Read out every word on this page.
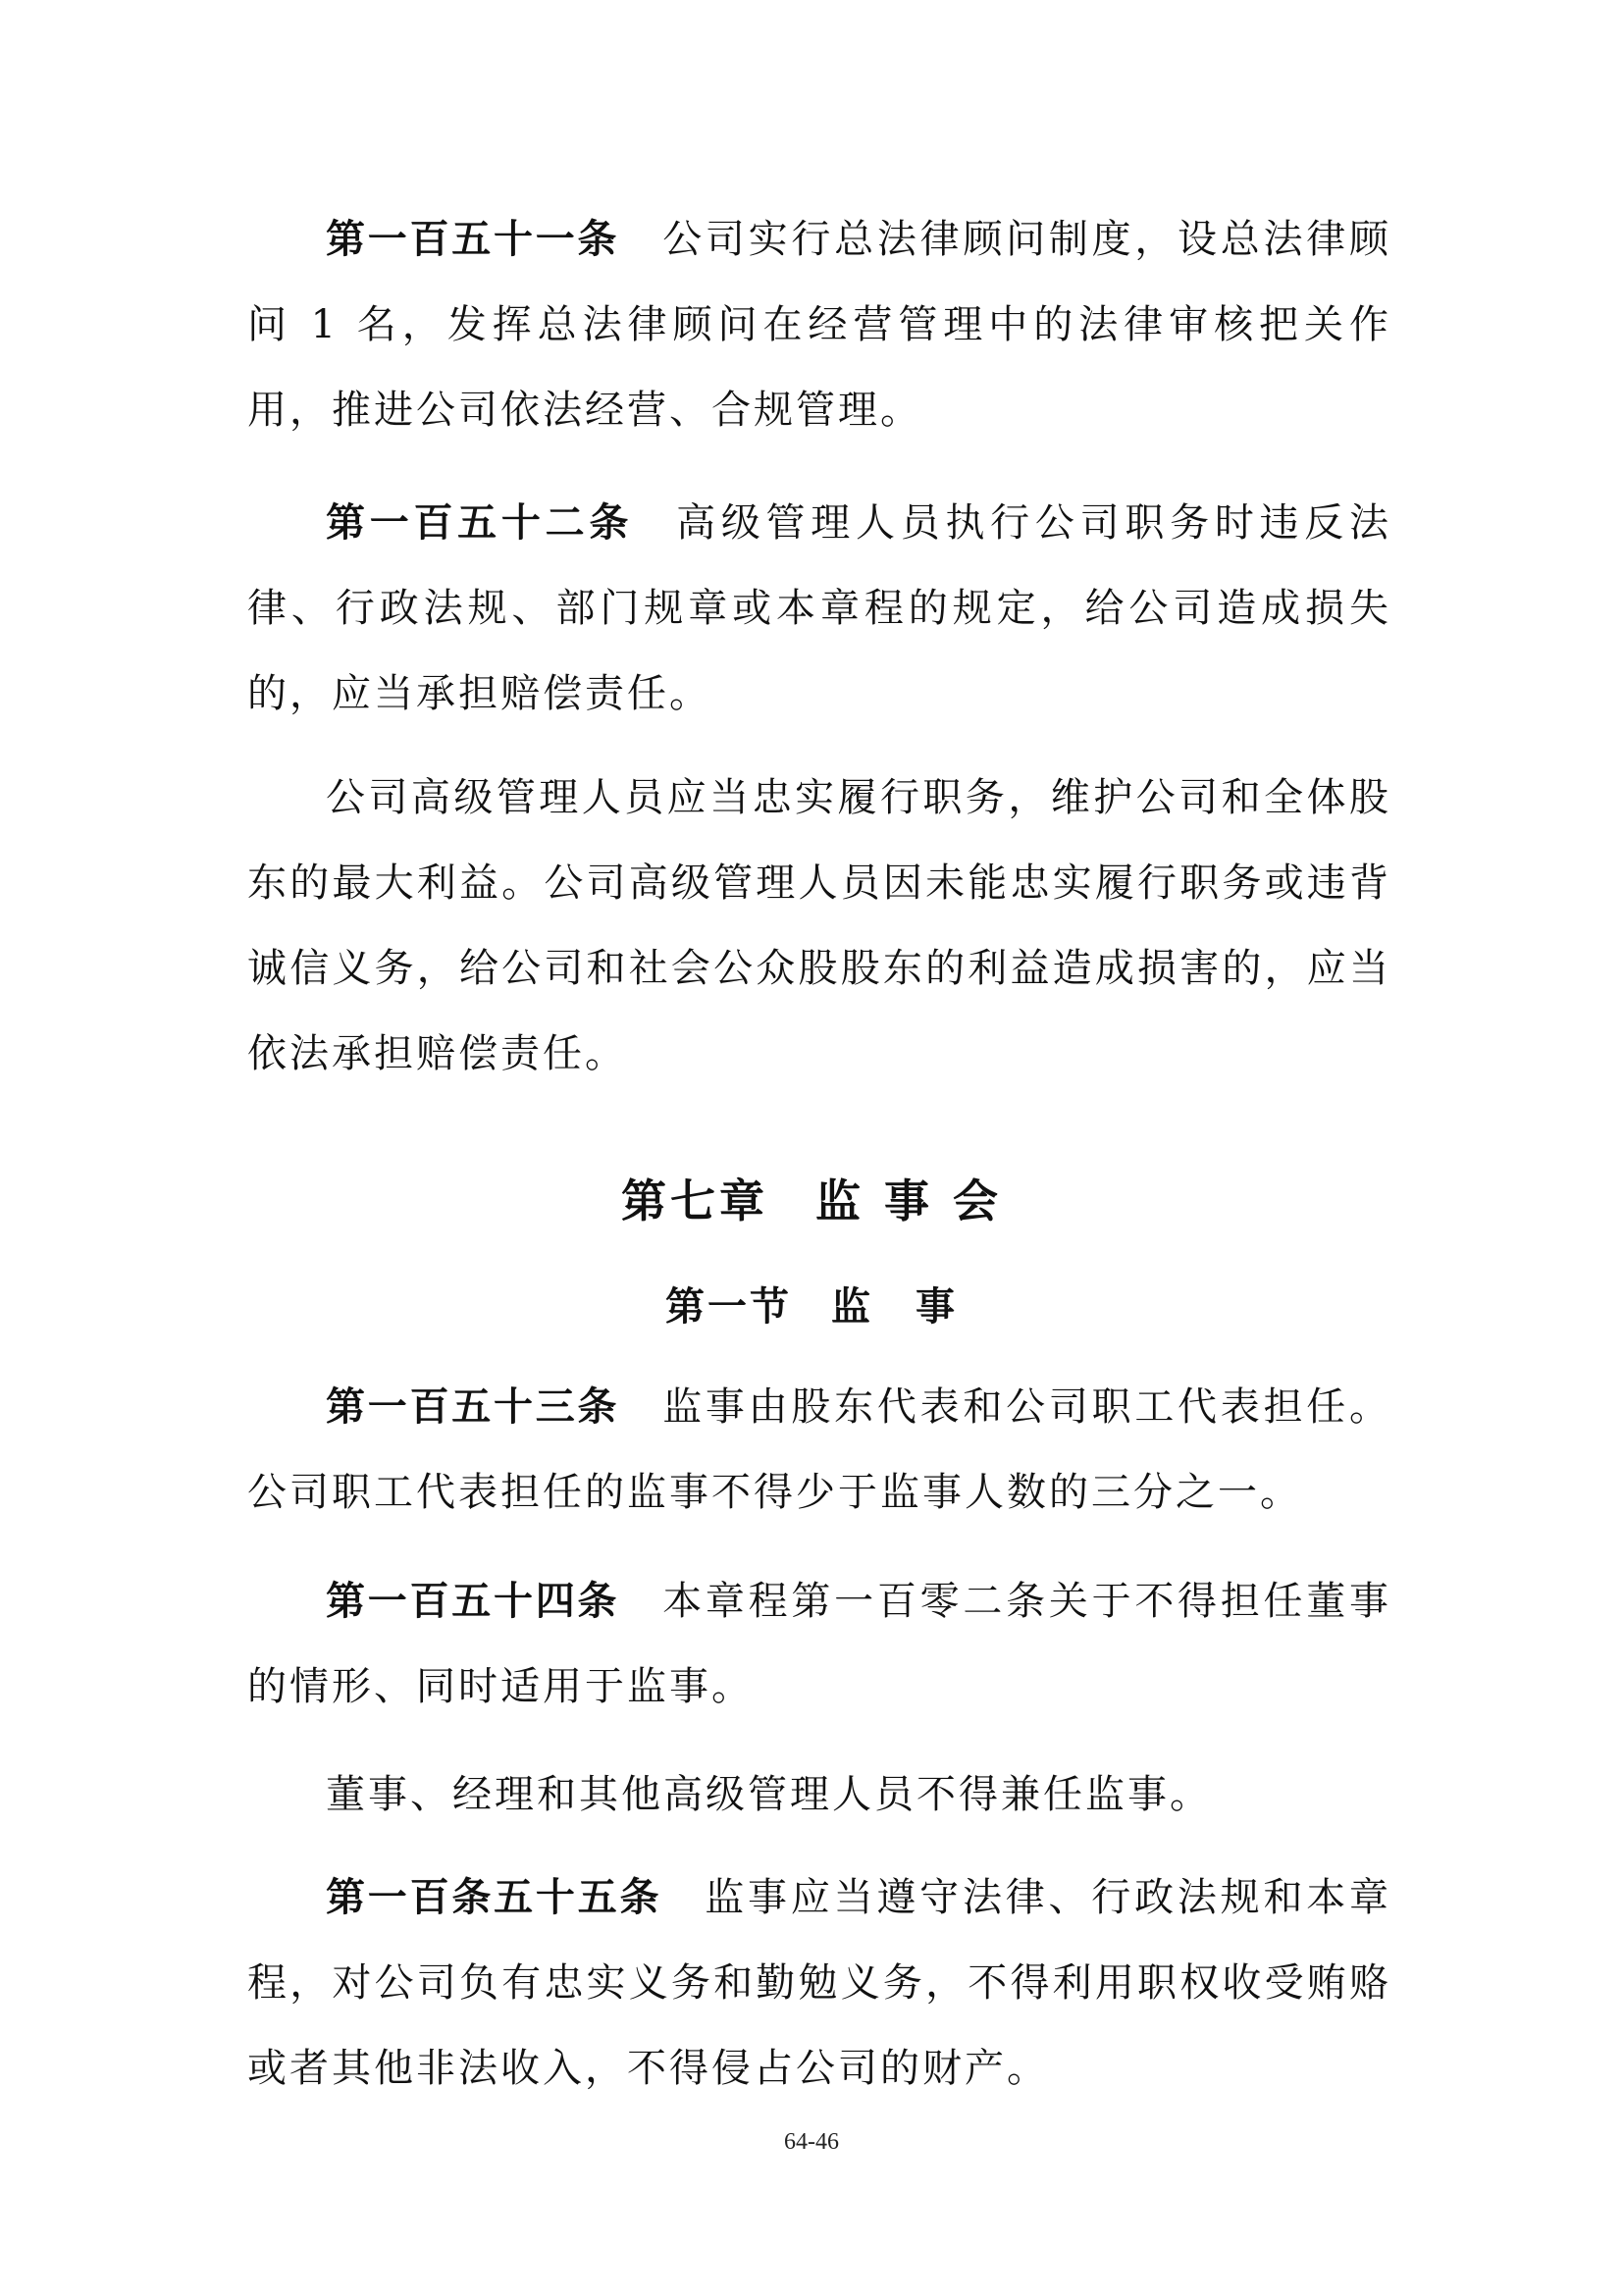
第一百五十一条 公司实行总法律顾问制度，设总法律顾问 1 名，发挥总法律顾问在经营管理中的法律审核把关作用，推进公司依法经营、合规管理。

第一百五十二条 高级管理人员执行公司职务时违反法律、行政法规、部门规章或本章程的规定，给公司造成损失的，应当承担赔偿责任。

公司高级管理人员应当忠实履行职务，维护公司和全体股东的最大利益。公司高级管理人员因未能忠实履行职务或违背诚信义务，给公司和社会公众股股东的利益造成损害的，应当依法承担赔偿责任。

第七章 监 事 会
第一节 监　事

第一百五十三条 监事由股东代表和公司职工代表担任。公司职工代表担任的监事不得少于监事人数的三分之一。

第一百五十四条 本章程第一百零二条关于不得担任董事的情形、同时适用于监事。

董事、经理和其他高级管理人员不得兼任监事。

第一百条五十五条 监事应当遵守法律、行政法规和本章程，对公司负有忠实义务和勤勉义务，不得利用职权收受贿赂或者其他非法收入，不得侵占公司的财产。

64-46
